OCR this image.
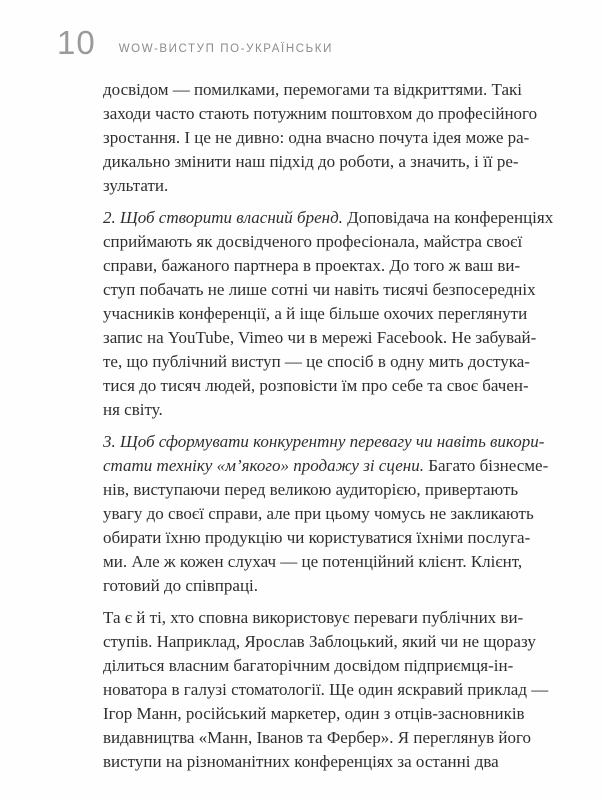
10 WOW-ВИСТУП ПО-УКРАЇНСЬКИ
досвідом — помилками, перемогами та відкриттями. Такі
заходи часто стають потужним поштовхом до професійного
зростання. І це не дивно: одна вчасно почута ідея може ра-
дикально змінити наш підхід до роботи, а значить, і її ре-
зультати.
2. Щоб створити власний бренд. Доповідача на конференціях
сприймають як досвідченого професіонала, майстра своєї
справи, бажаного партнера в проектах. До того ж ваш ви-
ступ побачать не лише сотні чи навіть тисячі безпосередніх
учасників конференції, а й іще більше охочих переглянути
запис на YouTube, Vimeo чи в мережі Facebook. Не забувай-
те, що публічний виступ — це спосіб в одну мить достука-
тися до тисяч людей, розповісти їм про себе та своє бачен-
ня світу.
3. Щоб сформувати конкурентну перевагу чи навіть викори-
стати техніку «м’якого» продажу зі сцени. Багато бізнесме-
нів, виступаючи перед великою аудиторією, привертають
увагу до своєї справи, але при цьому чомусь не закликають
обирати їхню продукцію чи користуватися їхніми послуга-
ми. Але ж кожен слухач — це потенційний клієнт. Клієнт,
готовий до співпраці.
Та є й ті, хто сповна використовує переваги публічних ви-
ступів. Наприклад, Ярослав Заблоцький, який чи не щоразу
ділиться власним багаторічним досвідом підприємця-ін-
новатора в галузі стоматології. Ще один яскравий приклад —
Ігор Манн, російський маркетер, один з отців-засновників
видавництва «Манн, Іванов та Фербер». Я переглянув його
виступи на різноманітних конференціях за останні два
